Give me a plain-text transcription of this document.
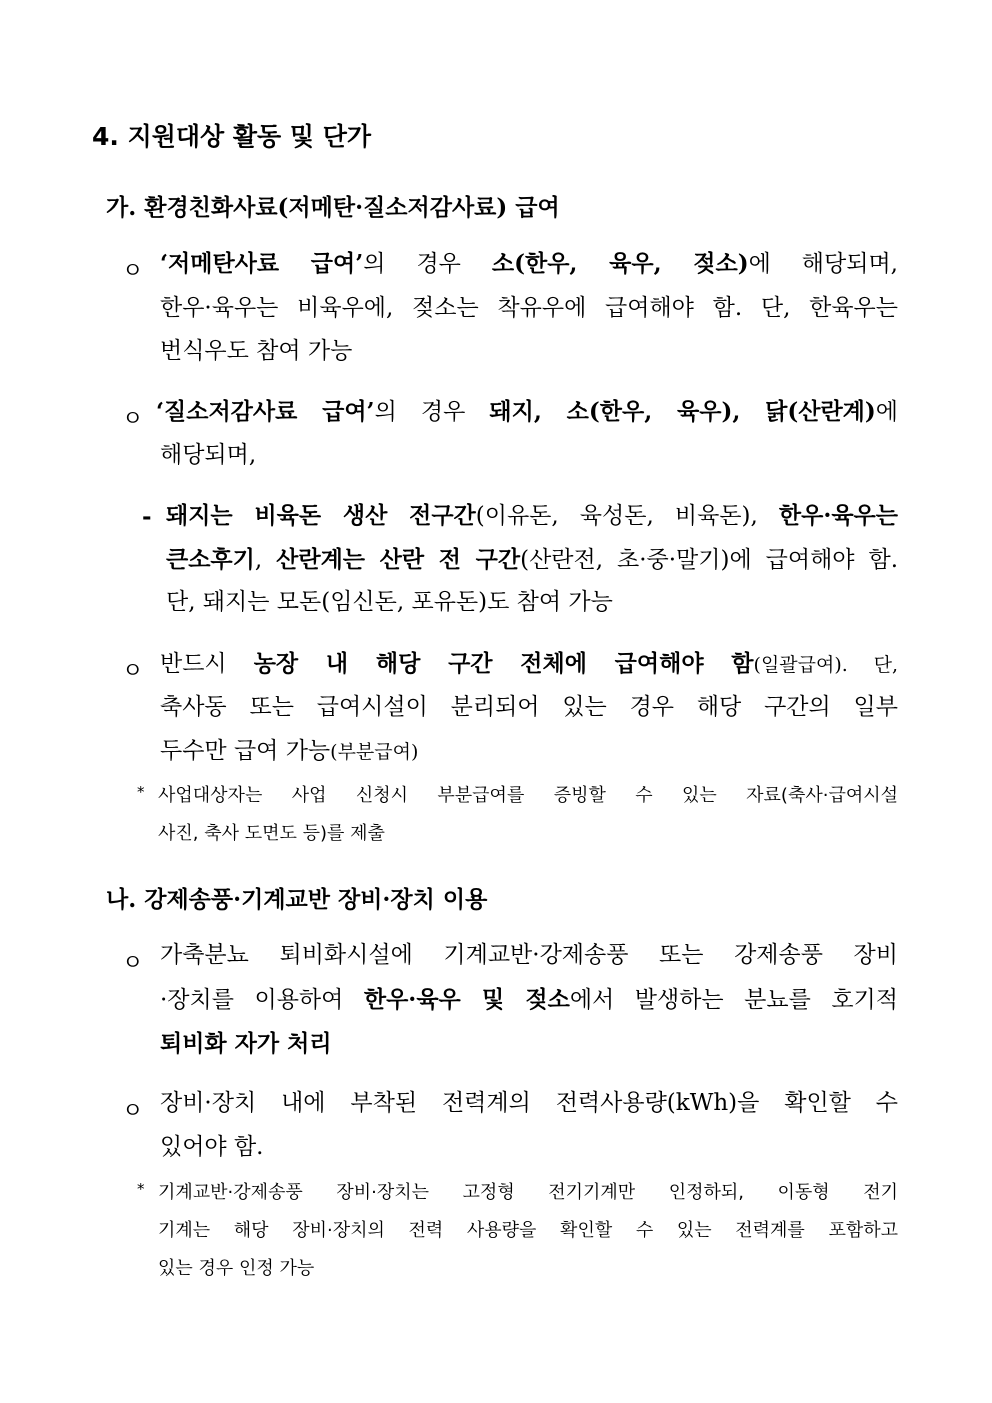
4. 지원대상 활동 및 단가
가. 환경친화사료(저메탄·질소저감사료) 급여
ㅇ ‘저메탄사료 급여’의 경우 소(한우, 육우, 젖소)에 해당되며,
한우·육우는 비육우에, 젖소는 착유우에 급여해야 함. 단, 한육우는
번식우도 참여 가능
ㅇ ‘질소저감사료 급여’의 경우 돼지, 소(한우, 육우), 닭(산란계)에
해당되며,
- 돼지는 비육돈 생산 전구간(이유돈, 육성돈, 비육돈), 한우·육우는
큰소후기, 산란계는 산란 전 구간(산란전, 초·중·말기)에 급여해야 함.
단, 돼지는 모돈(임신돈, 포유돈)도 참여 가능
ㅇ 반드시 농장 내 해당 구간 전체에 급여해야 함(일괄급여). 단,
축사동 또는 급여시설이 분리되어 있는 경우 해당 구간의 일부
두수만 급여 가능(부분급여)
* 사업대상자는 사업 신청시 부분급여를 증빙할 수 있는 자료(축사·급여시설
사진, 축사 도면도 등)를 제출
나. 강제송풍·기계교반 장비·장치 이용
ㅇ 가축분뇨 퇴비화시설에 기계교반·강제송풍 또는 강제송풍 장비
·장치를 이용하여 한우·육우 및 젖소에서 발생하는 분뇨를 호기적
퇴비화 자가 처리
ㅇ 장비·장치 내에 부착된 전력계의 전력사용량(kWh)을 확인할 수
있어야 함.
* 기계교반·강제송풍 장비·장치는 고정형 전기기계만 인정하되, 이동형 전기
기계는 해당 장비·장치의 전력 사용량을 확인할 수 있는 전력계를 포함하고
있는 경우 인정 가능
